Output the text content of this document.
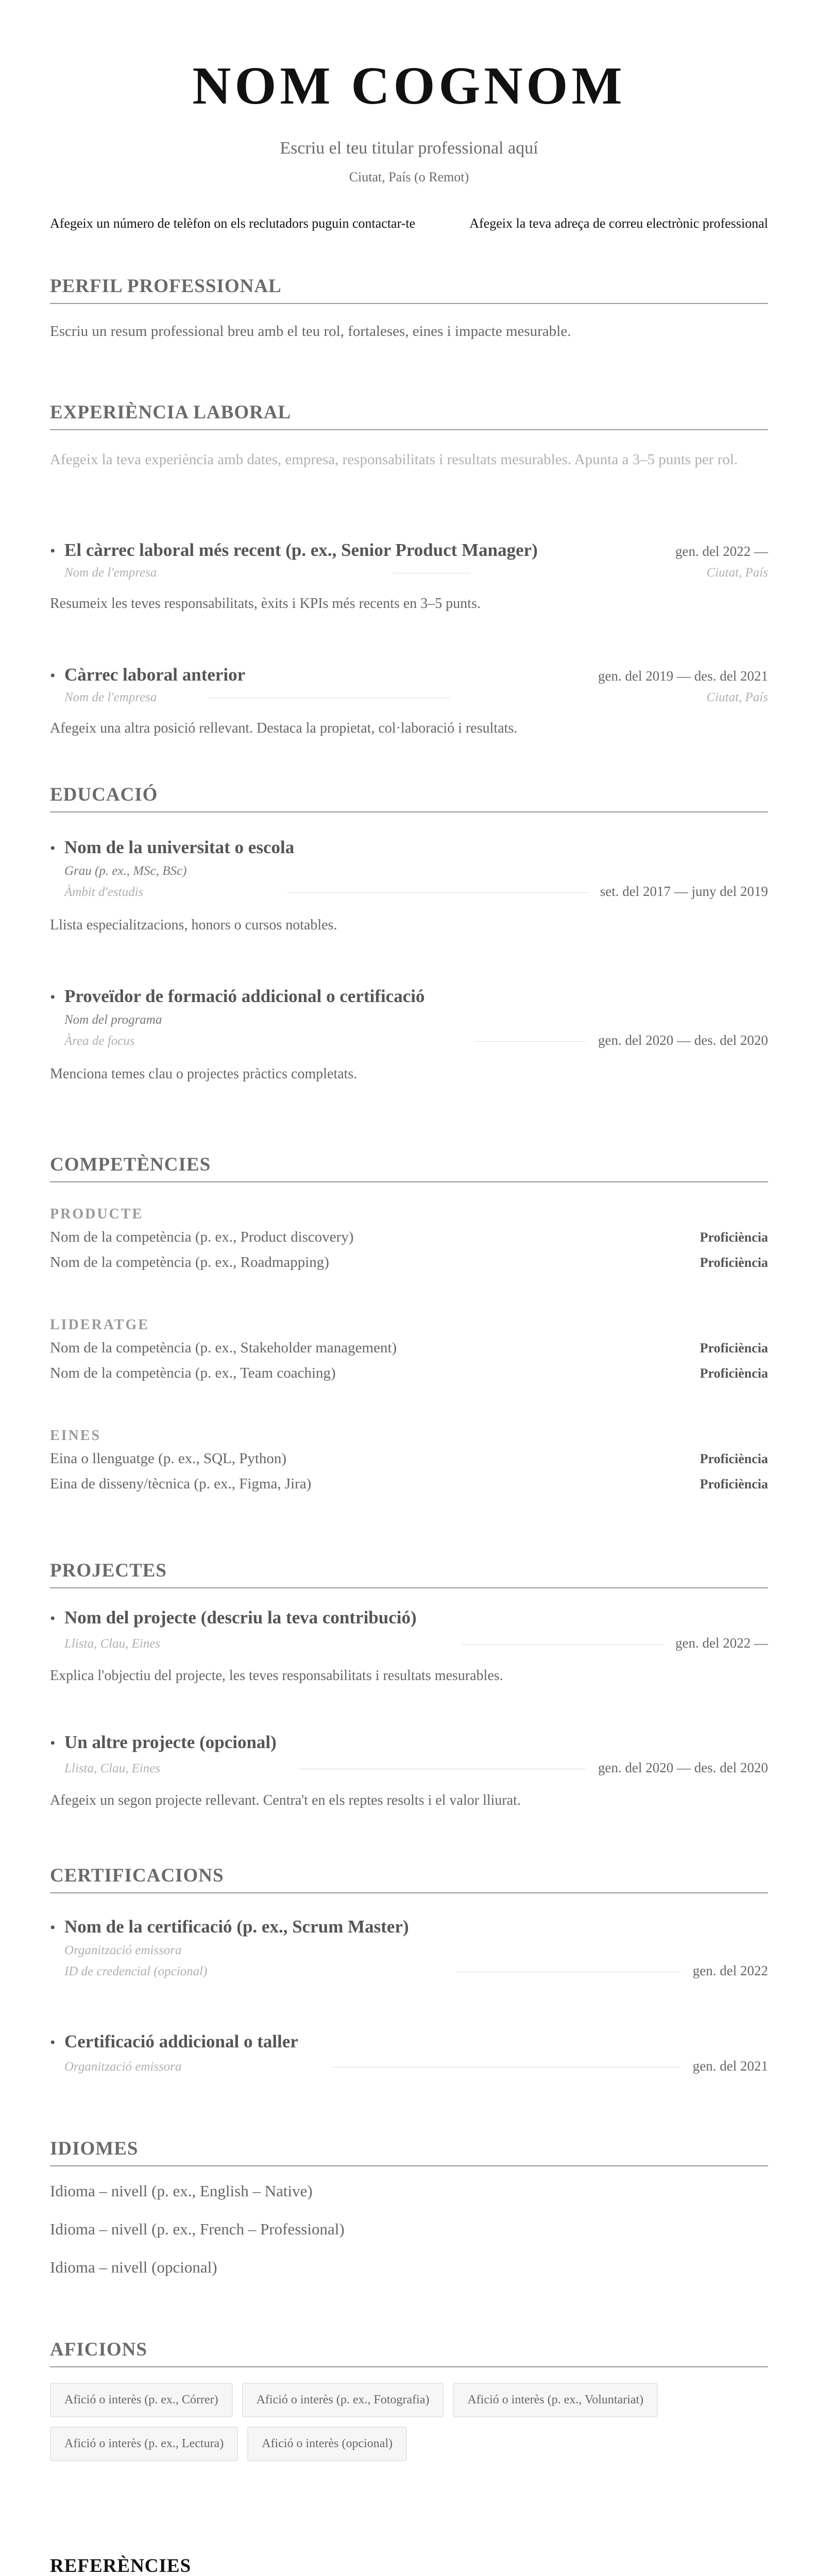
NOM COGNOM
Escriu el teu titular professional aquí
Ciutat, País (o Remot)
Afegeix un número de telèfon on els reclutadors puguin contactar-te	Afegeix la teva adreça de correu electrònic professional
PERFIL PROFESSIONAL
Escriu un resum professional breu amb el teu rol, fortaleses, eines i impacte mesurable.
EXPERIÈNCIA LABORAL
Afegeix la teva experiència amb dates, empresa, responsabilitats i resultats mesurables. Apunta a 3–5 punts per rol.
• El càrrec laboral més recent (p. ex., Senior Product Manager)	gen. del 2022 —
Nom de l'empresa	Ciutat, País
Resumeix les teves responsabilitats, èxits i KPIs més recents en 3–5 punts.
• Càrrec laboral anterior	gen. del 2019 — des. del 2021
Nom de l'empresa	Ciutat, País
Afegeix una altra posició rellevant. Destaca la propietat, col·laboració i resultats.
EDUCACIÓ
• Nom de la universitat o escola
Grau (p. ex., MSc, BSc)
Àmbit d'estudis	set. del 2017 — juny del 2019
Llista especialitzacions, honors o cursos notables.
• Proveïdor de formació addicional o certificació
Nom del programa
Àrea de focus	gen. del 2020 — des. del 2020
Menciona temes clau o projectes pràctics completats.
COMPETÈNCIES
PRODUCTE
Nom de la competència (p. ex., Product discovery)	Proficiència
Nom de la competència (p. ex., Roadmapping)	Proficiència
LIDERATGE
Nom de la competència (p. ex., Stakeholder management)	Proficiència
Nom de la competència (p. ex., Team coaching)	Proficiència
EINES
Eina o llenguatge (p. ex., SQL, Python)	Proficiència
Eina de disseny/tècnica (p. ex., Figma, Jira)	Proficiència
PROJECTES
• Nom del projecte (descriu la teva contribució)
Llista, Clau, Eines	gen. del 2022 —
Explica l'objectiu del projecte, les teves responsabilitats i resultats mesurables.
• Un altre projecte (opcional)
Llista, Clau, Eines	gen. del 2020 — des. del 2020
Afegeix un segon projecte rellevant. Centra't en els reptes resolts i el valor lliurat.
CERTIFICACIONS
• Nom de la certificació (p. ex., Scrum Master)
Organització emissora
ID de credencial (opcional)	gen. del 2022
• Certificació addicional o taller
Organització emissora	gen. del 2021
IDIOMES
Idioma – nivell (p. ex., English – Native)
Idioma – nivell (p. ex., French – Professional)
Idioma – nivell (opcional)
AFICIONS
Afició o interès (p. ex., Córrer)	Afició o interès (p. ex., Fotografia)	Afició o interès (p. ex., Voluntariat)
Afició o interès (p. ex., Lectura)	Afició o interès (opcional)
REFERÈNCIES
